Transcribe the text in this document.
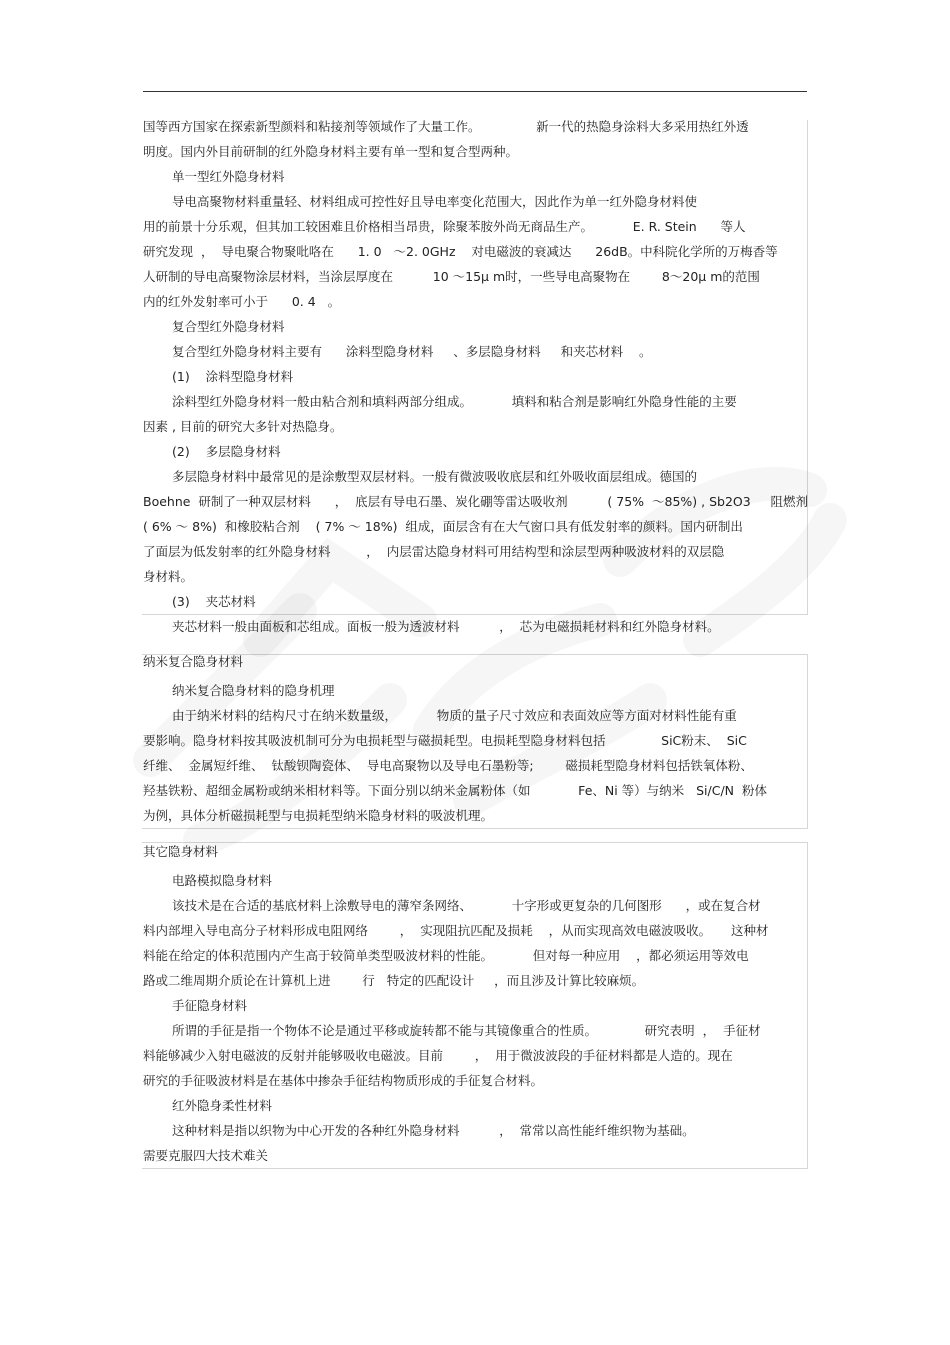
国等西方国家在探索新型颜料和粘接剂等领域作了大量工作。              新一代的热隐身涂料大多采用热红外透
明度。国内外目前研制的红外隐身材料主要有单一型和复合型两种。
单一型红外隐身材料
导电高聚物材料重量轻、材料组成可控性好且导电率变化范围大，因此作为单一红外隐身材料使
用的前景十分乐观，但其加工较困难且价格相当昂贵，除聚苯胺外尚无商品生产。          E. R. Stein      等人
研究发现  ，  导电聚合物聚吡咯在      1. 0   ～2. 0GHz    对电磁波的衰减达      26dB。中科院化学所的万梅香等
人研制的导电高聚物涂层材料，当涂层厚度在          10 ～15μ m时，一些导电高聚物在        8～20μ m的范围
内的红外发射率可小于      0. 4   。
复合型红外隐身材料
复合型红外隐身材料主要有      涂料型隐身材料     、多层隐身材料     和夹芯材料    。
(1)    涂料型隐身材料
涂料型红外隐身材料一般由粘合剂和填料两部分组成。          填料和粘合剂是影响红外隐身性能的主要
因素 , 目前的研究大多针对热隐身。
(2)    多层隐身材料
多层隐身材料中最常见的是涂敷型双层材料。一般有微波吸收底层和红外吸收面层组成。德国的
Boehne  研制了一种双层材料      ，  底层有导电石墨、炭化硼等雷达吸收剂          ( 75%  ～85%) , Sb2O3     阻燃剂
( 6% ～ 8%)  和橡胶粘合剂    ( 7% ～ 18%)  组成，面层含有在大气窗口具有低发射率的颜料。国内研制出
了面层为低发射率的红外隐身材料         ，  内层雷达隐身材料可用结构型和涂层型两种吸波材料的双层隐
身材料。
(3)    夹芯材料
夹芯材料一般由面板和芯组成。面板一般为透波材料          ，  芯为电磁损耗材料和红外隐身材料。
纳米复合隐身材料
纳米复合隐身材料的隐身机理
由于纳米材料的结构尺寸在纳米数量级，          物质的量子尺寸效应和表面效应等方面对材料性能有重
要影响。隐身材料按其吸波机制可分为电损耗型与磁损耗型。电损耗型隐身材料包括              SiC粉末、  SiC
纤维、  金属短纤维、  钛酸钡陶瓷体、  导电高聚物以及导电石墨粉等;        磁损耗型隐身材料包括铁氧体粉、
羟基铁粉、超细金属粉或纳米相材料等。下面分别以纳米金属粉体（如            Fe、Ni 等）与纳米   Si/C/N  粉体
为例，具体分析磁损耗型与电损耗型纳米隐身材料的吸波机理。
其它隐身材料
电路模拟隐身材料
该技术是在合适的基底材料上涂敷导电的薄窄条网络、          十字形或更复杂的几何图形      ，或在复合材
料内部埋入导电高分子材料形成电阻网络        ，  实现阻抗匹配及损耗    ，从而实现高效电磁波吸收。     这种材
料能在给定的体积范围内产生高于较简单类型吸波材料的性能。          但对每一种应用    ，都必须运用等效电
路或二维周期介质论在计算机上进        行   特定的匹配设计     ，而且涉及计算比较麻烦。
手征隐身材料
所谓的手征是指一个物体不论是通过平移或旋转都不能与其镜像重合的性质。            研究表明  ，  手征材
料能够减少入射电磁波的反射并能够吸收电磁波。目前        ，  用于微波波段的手征材料都是人造的。现在
研究的手征吸波材料是在基体中掺杂手征结构物质形成的手征复合材料。
红外隐身柔性材料
这种材料是指以织物为中心开发的各种红外隐身材料          ，  常常以高性能纤维织物为基础。
需要克服四大技术难关
